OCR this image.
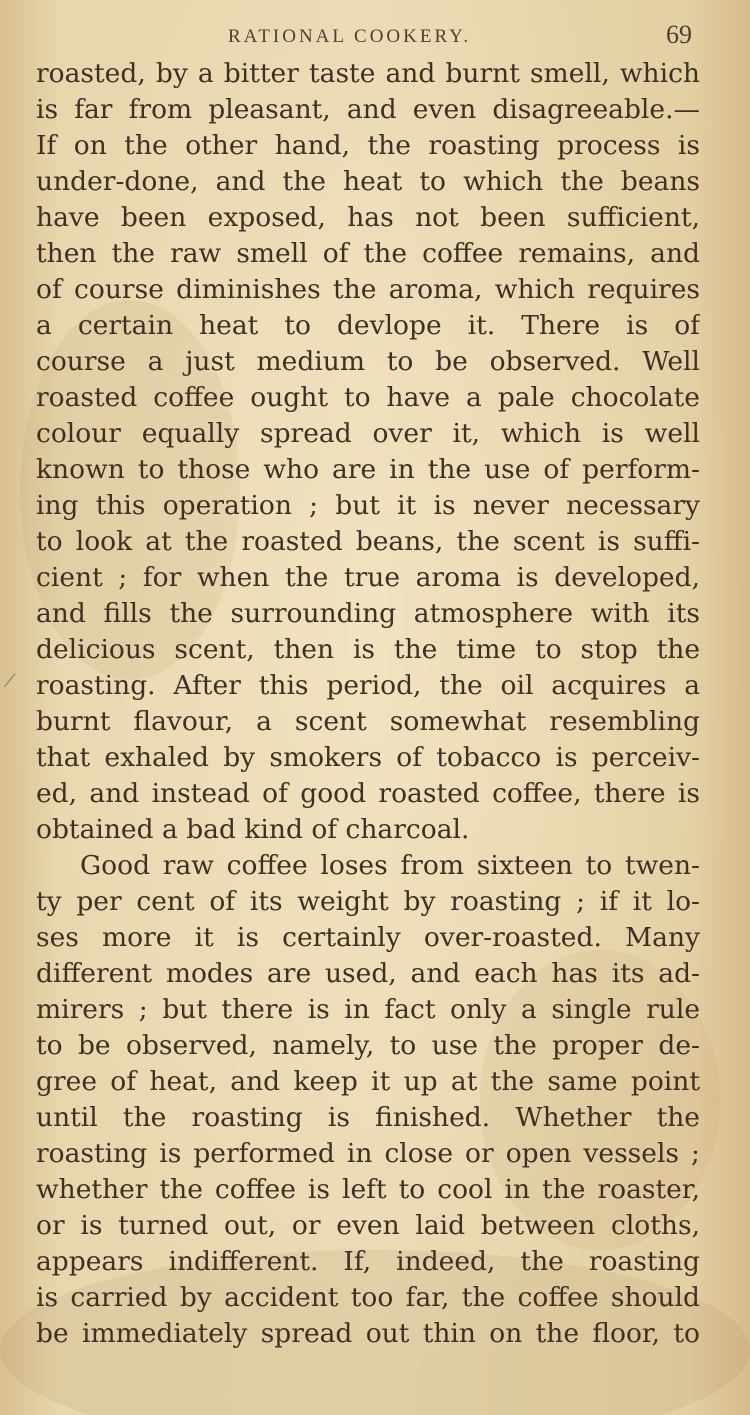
RATIONAL COOKERY.	69
/
roasted, by a bitter taste and burnt smell, which
is far from pleasant, and even disagreeable.—
If on the other hand, the roasting process is
under-done, and the heat to which the beans
have been exposed, has not been sufficient,
then the raw smell of the coffee remains, and
of course diminishes the aroma, which requires
a certain heat to devlope it. There is of
course a just medium to be observed. Well
roasted coffee ought to have a pale chocolate
colour equally spread over it, which is well
known to those who are in the use of perform-
ing this operation ; but it is never necessary
to look at the roasted beans, the scent is suffi-
cient ; for when the true aroma is developed,
and fills the surrounding atmosphere with its
delicious scent, then is the time to stop the
roasting. After this period, the oil acquires a
burnt flavour, a scent somewhat resembling
that exhaled by smokers of tobacco is perceiv-
ed, and instead of good roasted coffee, there is
obtained a bad kind of charcoal.
Good raw coffee loses from sixteen to twen-
ty per cent of its weight by roasting ; if it lo-
ses more it is certainly over-roasted. Many
different modes are used, and each has its ad-
mirers ; but there is in fact only a single rule
to be observed, namely, to use the proper de-
gree of heat, and keep it up at the same point
until the roasting is finished. Whether the
roasting is performed in close or open vessels ;
whether the coffee is left to cool in the roaster,
or is turned out, or even laid between cloths,
appears indifferent. If, indeed, the roasting
is carried by accident too far, the coffee should
be immediately spread out thin on the floor, to
